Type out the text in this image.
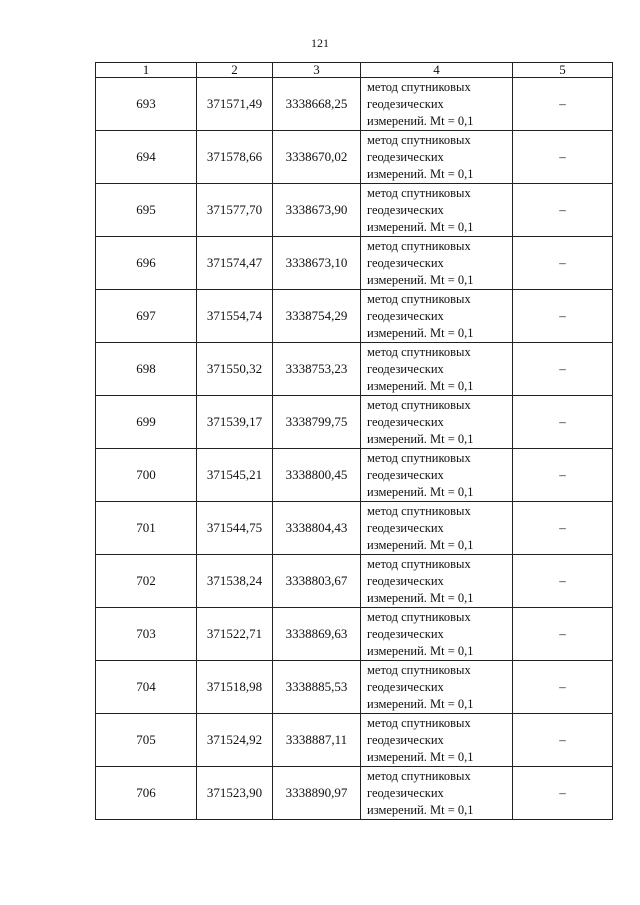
121
1	2	3	4	5
693	371571,49	3338668,25	метод спутниковых
геодезических
измерений. Mt = 0,1	–
694	371578,66	3338670,02	метод спутниковых
геодезических
измерений. Mt = 0,1	–
695	371577,70	3338673,90	метод спутниковых
геодезических
измерений. Mt = 0,1	–
696	371574,47	3338673,10	метод спутниковых
геодезических
измерений. Mt = 0,1	–
697	371554,74	3338754,29	метод спутниковых
геодезических
измерений. Mt = 0,1	–
698	371550,32	3338753,23	метод спутниковых
геодезических
измерений. Mt = 0,1	–
699	371539,17	3338799,75	метод спутниковых
геодезических
измерений. Mt = 0,1	–
700	371545,21	3338800,45	метод спутниковых
геодезических
измерений. Mt = 0,1	–
701	371544,75	3338804,43	метод спутниковых
геодезических
измерений. Mt = 0,1	–
702	371538,24	3338803,67	метод спутниковых
геодезических
измерений. Mt = 0,1	–
703	371522,71	3338869,63	метод спутниковых
геодезических
измерений. Mt = 0,1	–
704	371518,98	3338885,53	метод спутниковых
геодезических
измерений. Mt = 0,1	–
705	371524,92	3338887,11	метод спутниковых
геодезических
измерений. Mt = 0,1	–
706	371523,90	3338890,97	метод спутниковых
геодезических
измерений. Mt = 0,1	–
